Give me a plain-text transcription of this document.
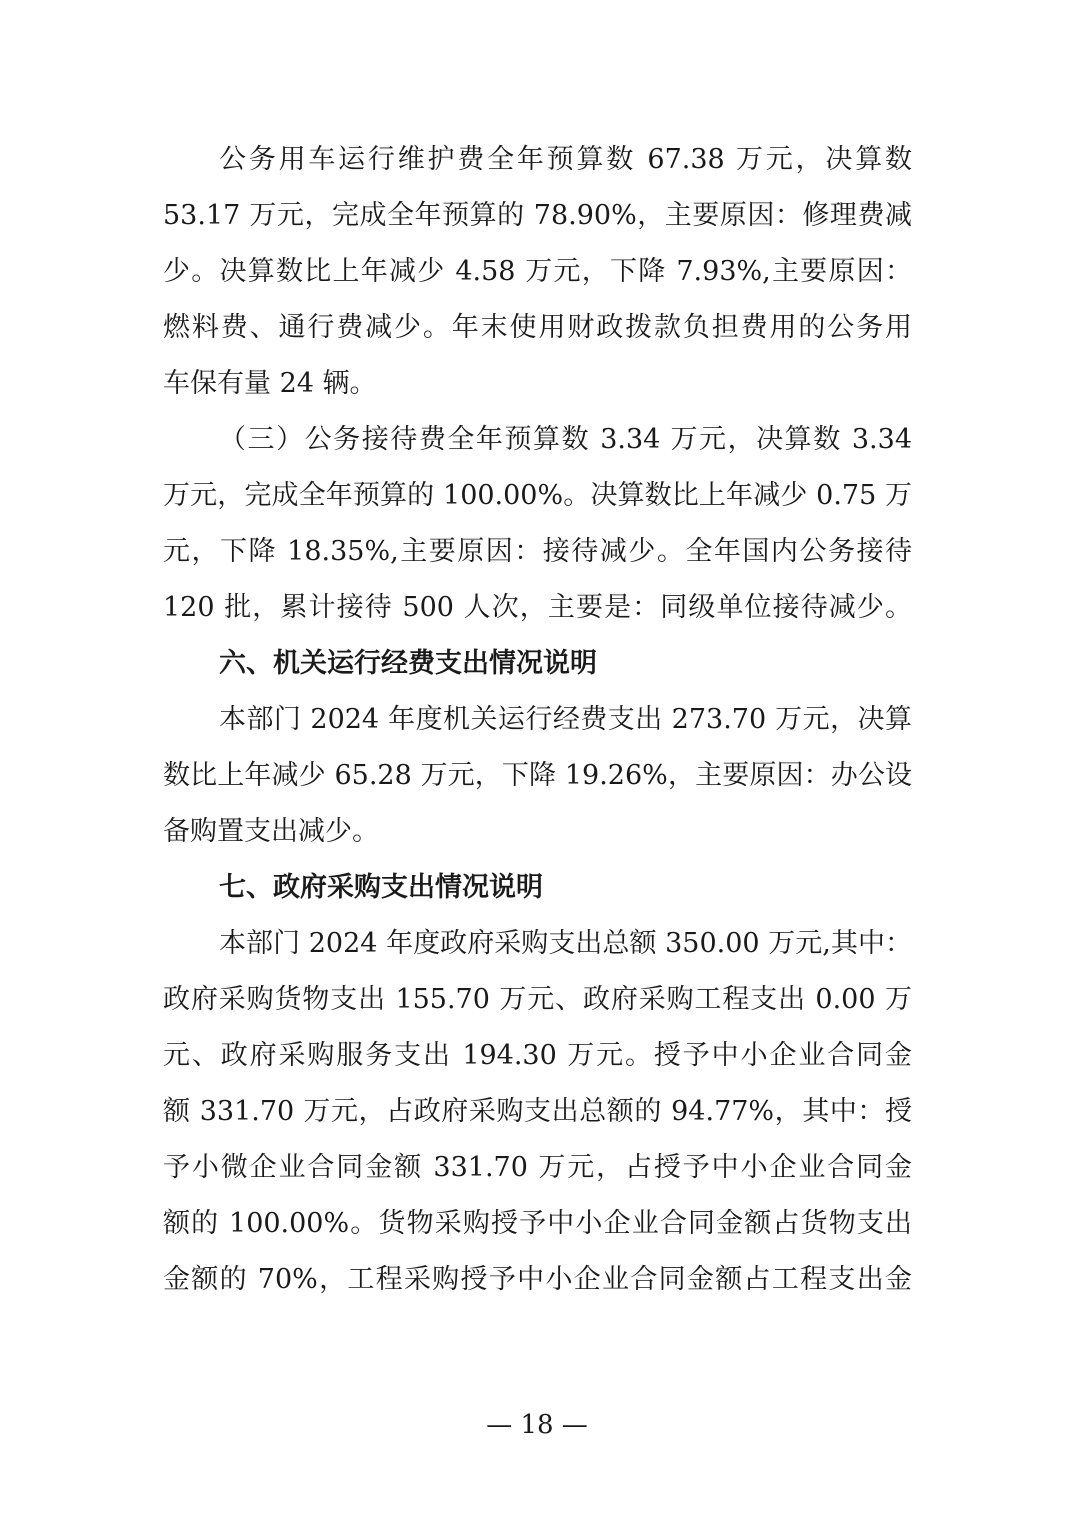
公务用车运行维护费全年预算数 67.38 万元，决算数
53.17 万元，完成全年预算的 78.90%，主要原因：修理费减
少。决算数比上年减少 4.58 万元，下降 7.93%,主要原因：
燃料费、通行费减少。年末使用财政拨款负担费用的公务用
车保有量 24 辆。
（三）公务接待费全年预算数 3.34 万元，决算数 3.34
万元，完成全年预算的 100.00%。决算数比上年减少 0.75 万
元，下降 18.35%,主要原因：接待减少。全年国内公务接待
120 批，累计接待 500 人次，主要是：同级单位接待减少。
六、机关运行经费支出情况说明
本部门 2024 年度机关运行经费支出 273.70 万元，决算
数比上年减少 65.28 万元，下降 19.26%，主要原因：办公设
备购置支出减少。
七、政府采购支出情况说明
本部门 2024 年度政府采购支出总额 350.00 万元,其中：
政府采购货物支出 155.70 万元、政府采购工程支出 0.00 万
元、政府采购服务支出 194.30 万元。授予中小企业合同金
额 331.70 万元，占政府采购支出总额的 94.77%，其中：授
予小微企业合同金额 331.70 万元，占授予中小企业合同金
额的 100.00%。货物采购授予中小企业合同金额占货物支出
金额的 70%，工程采购授予中小企业合同金额占工程支出金
— 18 —
